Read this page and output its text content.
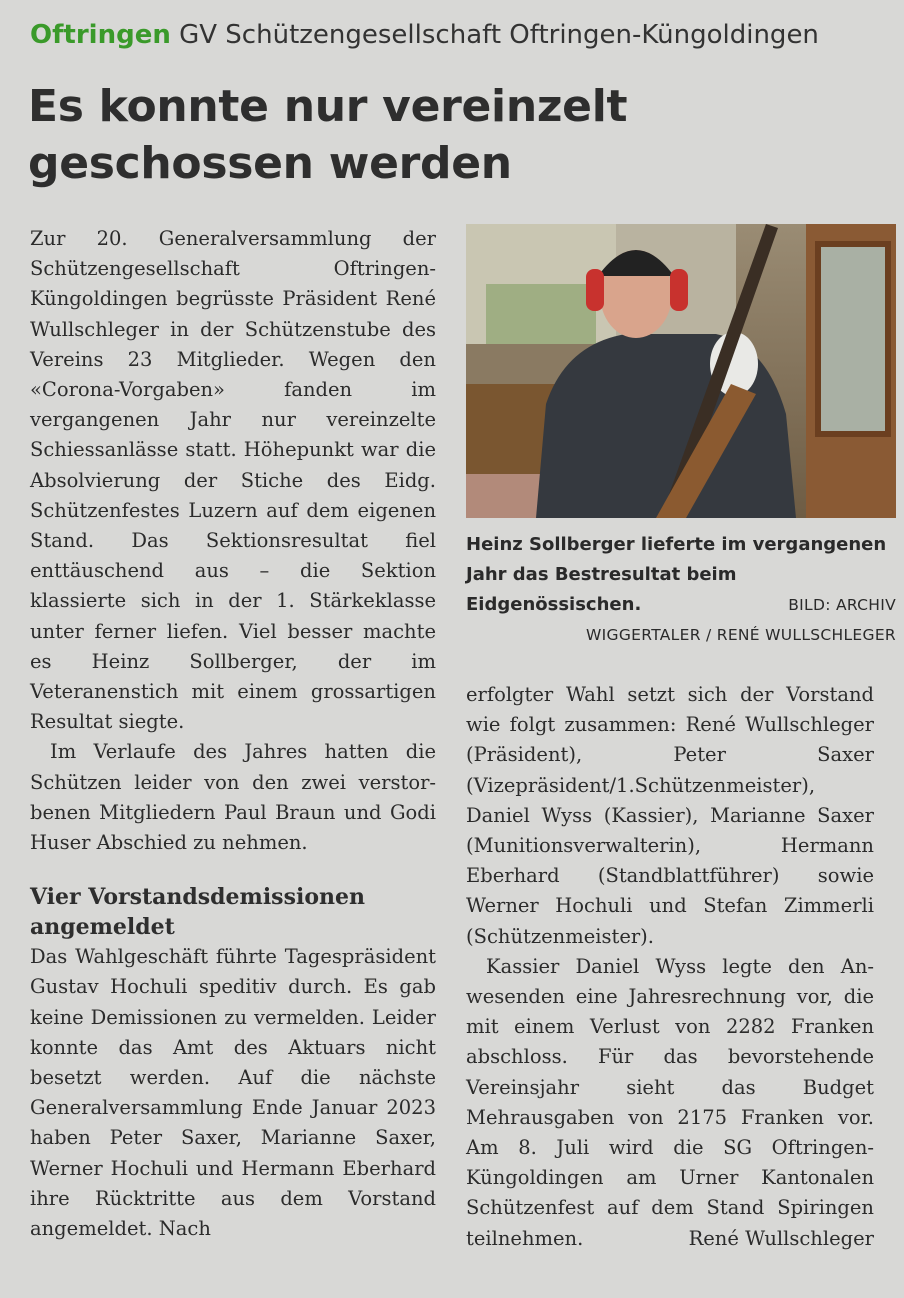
Oftringen GV Schützengesellschaft Oftringen-Küngoldingen
Es konnte nur vereinzelt
geschossen werden

Zur 20. Generalversammlung der Schützengesellschaft Oftringen-Küngoldingen begrüsste Präsident René Wullschleger in der Schützenstube des Vereins 23 Mitglieder. Wegen den «Corona-Vorgaben» fanden im vergangenen Jahr nur vereinzelte Schiessanlässe statt. Höhepunkt war die Absolvierung der Stiche des Eidg. Schützenfestes Luzern auf dem eigenen Stand. Das Sektionsresultat fiel enttäuschend aus – die Sektion klassierte sich in der 1. Stärkeklasse unter ferner liefen. Viel besser machte es Heinz Sollberger, der im Veteranenstich mit einem grossartigen Resultat siegte.

Im Verlaufe des Jahres hatten die Schützen leider von den zwei verstorbenen Mitgliedern Paul Braun und Godi Huser Abschied zu nehmen.

Vier Vorstandsdemissionen angemeldet

Das Wahlgeschäft führte Tagespräsident Gustav Hochuli speditiv durch. Es gab keine Demissionen zu vermelden. Leider konnte das Amt des Aktuars nicht besetzt werden. Auf die nächste Generalversammlung Ende Januar 2023 haben Peter Saxer, Marianne Saxer, Werner Hochuli und Hermann Eberhard ihre Rücktritte aus dem Vorstand angemeldet. Nach

Heinz Sollberger lieferte im vergangenen Jahr das Bestresultat beim Eidgenössischen.	BILD: ARCHIV
WIGGERTALER / RENÉ WULLSCHLEGER

erfolgter Wahl setzt sich der Vorstand wie folgt zusammen: René Wullschleger (Präsident), Peter Saxer (Vizepräsident/1.Schützenmeister), Daniel Wyss (Kassier), Marianne Saxer (Munitionsverwalterin), Hermann Eberhard (Standblattführer) sowie Werner Hochuli und Stefan Zimmerli (Schützenmeister).

Kassier Daniel Wyss legte den Anwesenden eine Jahresrechnung vor, die mit einem Verlust von 2282 Franken abschloss. Für das bevorstehende Vereinsjahr sieht das Budget Mehrausgaben von 2175 Franken vor. Am 8. Juli wird die SG Oftringen-Küngoldingen am Urner Kantonalen Schützenfest auf dem Stand Spiringen teilnehmen.	René Wullschleger
